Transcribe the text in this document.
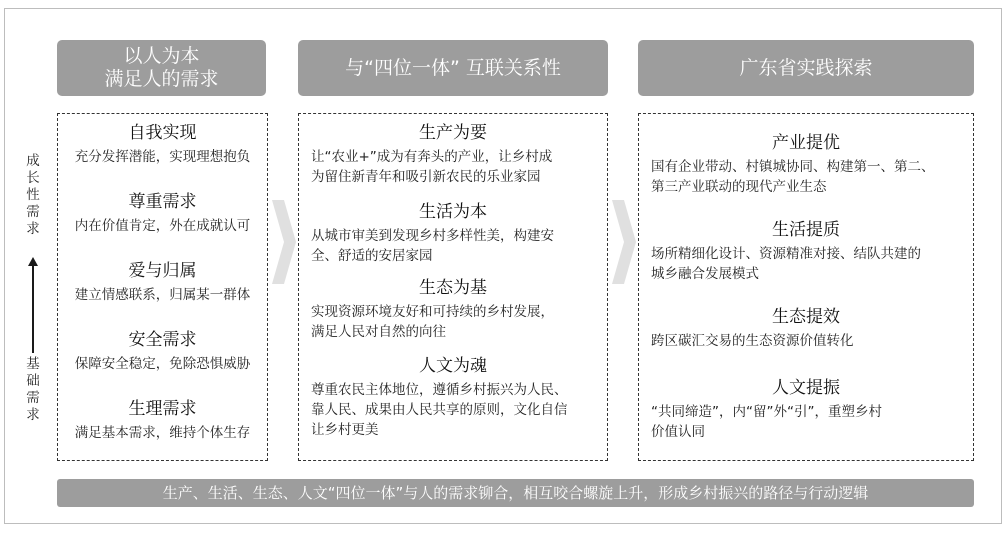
以人为本
满足人的需求
与“四位一体” 互联关系性	广东省实践探索
成
长
性
需
求
基
础
需
求
自我实现
充分发挥潜能，实现理想抱负
尊重需求
内在价值肯定，外在成就认可
爱与归属
建立情感联系，归属某一群体
安全需求
保障安全稳定，免除恐惧威胁
生理需求
满足基本需求，维持个体生存
生产为要
让“农业+”成为有奔头的产业，让乡村成
为留住新青年和吸引新农民的乐业家园
生活为本
从城市审美到发现乡村多样性美，构建安
全、舒适的安居家园
生态为基
实现资源环境友好和可持续的乡村发展，
满足人民对自然的向往
人文为魂
尊重农民主体地位，遵循乡村振兴为人民、
靠人民、成果由人民共享的原则，文化自信
让乡村更美
产业提优
国有企业带动、村镇城协同、构建第一、第二、
第三产业联动的现代产业生态
生活提质
场所精细化设计、资源精准对接、结队共建的
城乡融合发展模式
生态提效
跨区碳汇交易的生态资源价值转化
人文提振
“共同缔造”，内“留”外“引”，重塑乡村
价值认同
生产、生活、生态、人文“四位一体”与人的需求铆合，相互咬合螺旋上升，形成乡村振兴的路径与行动逻辑
